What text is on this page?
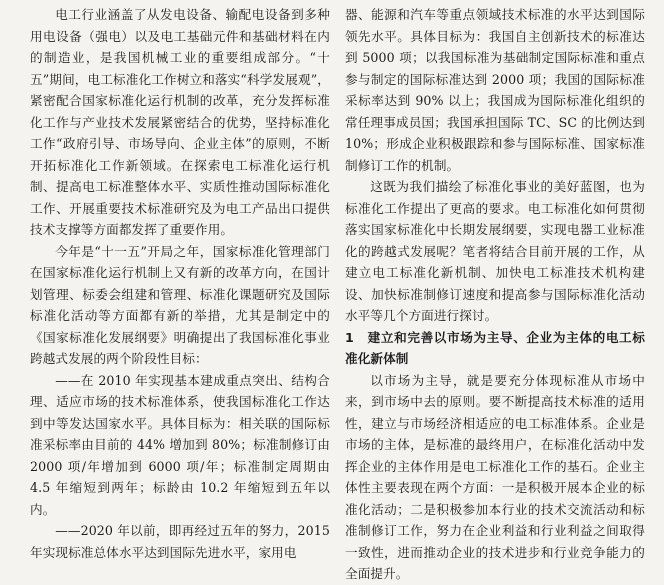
电工行业涵盖了从发电设备、输配电设备到多种用电设备（强电）以及电工基础元件和基础材料在内的制造业，是我国机械工业的重要组成部分。“十五”期间，电工标准化工作树立和落实“科学发展观”，紧密配合国家标准化运行机制的改革，充分发挥标准化工作与产业技术发展紧密结合的优势，坚持标准化工作“政府引导、市场导向、企业主体”的原则，不断开拓标准化工作新领域。在探索电工标准化运行机制、提高电工标准整体水平、实质性推动国际标准化工作、开展重要技术标准研究及为电工产品出口提供技术支撑等方面都发挥了重要作用。

今年是“十一五”开局之年，国家标准化管理部门在国家标准化运行机制上又有新的改革方向，在国计划管理、标委会组建和管理、标准化课题研究及国际标准化活动等方面都有新的举措，尤其是制定中的《国家标准化发展纲要》明确提出了我国标准化事业跨越式发展的两个阶段性目标：

——在 2010 年实现基本建成重点突出、结构合理、适应市场的技术标准体系，使我国标准化工作达到中等发达国家水平。具体目标为：相关联的国际标准采标率由目前的 44% 增加到 80%；标准制修订由 2000 项/年增加到 6000 项/年；标准制定周期由 4.5 年缩短到两年；标龄由 10.2 年缩短到五年以内。

——2020 年以前，即再经过五年的努力，2015 年实现标准总体水平达到国际先进水平，家用电

器、能源和汽车等重点领域技术标准的水平达到国际领先水平。具体目标为：我国自主创新技术的标准达到 5000 项；以我国标准为基础制定国际标准和重点参与制定的国际标准达到 2000 项；我国的国际标准采标率达到 90% 以上；我国成为国际标准化组织的常任理事成员国；我国承担国际 TC、SC 的比例达到 10%；形成企业积极跟踪和参与国际标准、国家标准制修订工作的机制。

这既为我们描绘了标准化事业的美好蓝图，也为标准化工作提出了更高的要求。电工标准化如何贯彻落实国家标准化中长期发展纲要，实现电器工业标准化的跨越式发展呢？笔者将结合目前开展的工作，从建立电工标准化新机制、加快电工标准技术机构建设、加快标准制修订速度和提高参与国际标准化活动水平等几个方面进行探讨。

1　建立和完善以市场为主导、企业为主体的电工标准化新体制

以市场为主导，就是要充分体现标准从市场中来，到市场中去的原则。要不断提高技术标准的适用性，建立与市场经济相适应的电工标准体系。企业是市场的主体，是标准的最终用户，在标准化活动中发挥企业的主体作用是电工标准化工作的基石。企业主体性主要表现在两个方面：一是积极开展本企业的标准化活动；二是积极参加本行业的技术交流活动和标准制修订工作，努力在企业利益和行业利益之间取得一致性，进而推动企业的技术进步和行业竞争能力的全面提升。
